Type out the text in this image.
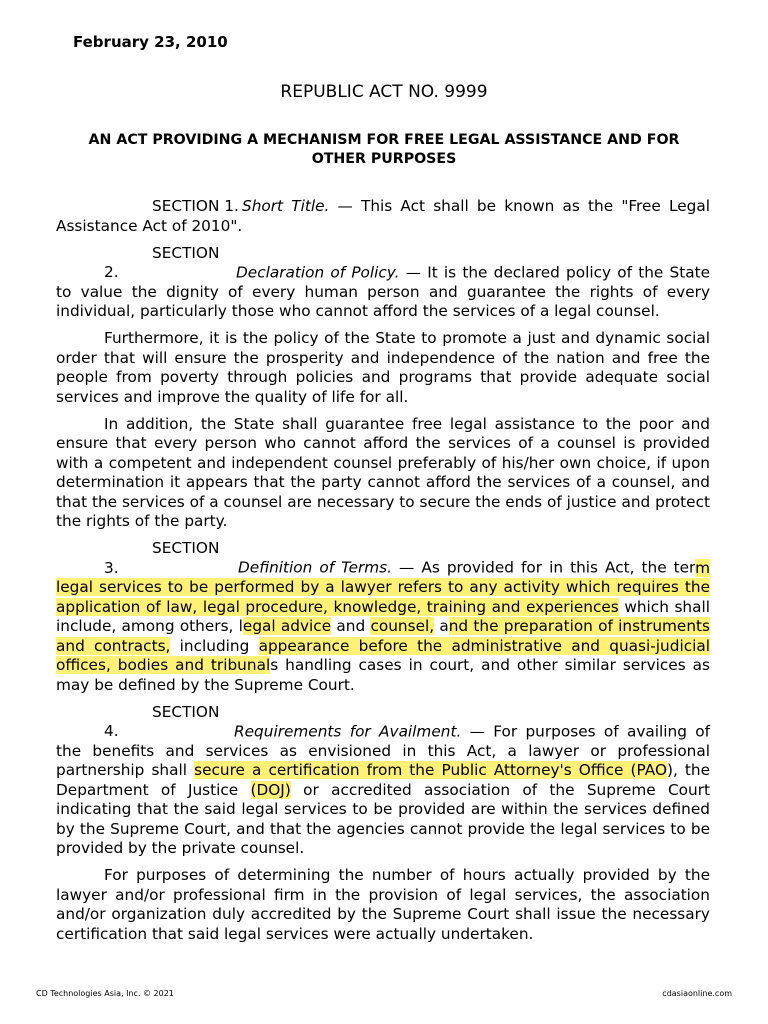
February 23, 2010
REPUBLIC ACT NO. 9999
AN ACT PROVIDING A MECHANISM FOR FREE LEGAL ASSISTANCE AND FOR OTHER PURPOSES

SECTION 1. Short Title. — This Act shall be known as the "Free Legal Assistance Act of 2010".

SECTION 2.	Declaration of Policy. — It is the declared policy of the State to value the dignity of every human person and guarantee the rights of every individual, particularly those who cannot afford the services of a legal counsel.

Furthermore, it is the policy of the State to promote a just and dynamic social order that will ensure the prosperity and independence of the nation and free the people from poverty through policies and programs that provide adequate social services and improve the quality of life for all.

In addition, the State shall guarantee free legal assistance to the poor and ensure that every person who cannot afford the services of a counsel is provided with a competent and independent counsel preferably of his/her own choice, if upon determination it appears that the party cannot afford the services of a counsel, and that the services of a counsel are necessary to secure the ends of justice and protect the rights of the party.

SECTION 3.	Definition of Terms. — As provided for in this Act, the term legal services to be performed by a lawyer refers to any activity which requires the application of law, legal procedure, knowledge, training and experiences which shall include, among others, legal advice and counsel, and the preparation of instruments and contracts, including appearance before the administrative and quasi-judicial offices, bodies and tribunals handling cases in court, and other similar services as may be defined by the Supreme Court.

SECTION 4.	Requirements for Availment. — For purposes of availing of the benefits and services as envisioned in this Act, a lawyer or professional partnership shall secure a certification from the Public Attorney's Office (PAO), the Department of Justice (DOJ) or accredited association of the Supreme Court indicating that the said legal services to be provided are within the services defined by the Supreme Court, and that the agencies cannot provide the legal services to be provided by the private counsel.

For purposes of determining the number of hours actually provided by the lawyer and/or professional firm in the provision of legal services, the association and/or organization duly accredited by the Supreme Court shall issue the necessary certification that said legal services were actually undertaken.

CD Technologies Asia, Inc. © 2021	cdasiaonline.com
